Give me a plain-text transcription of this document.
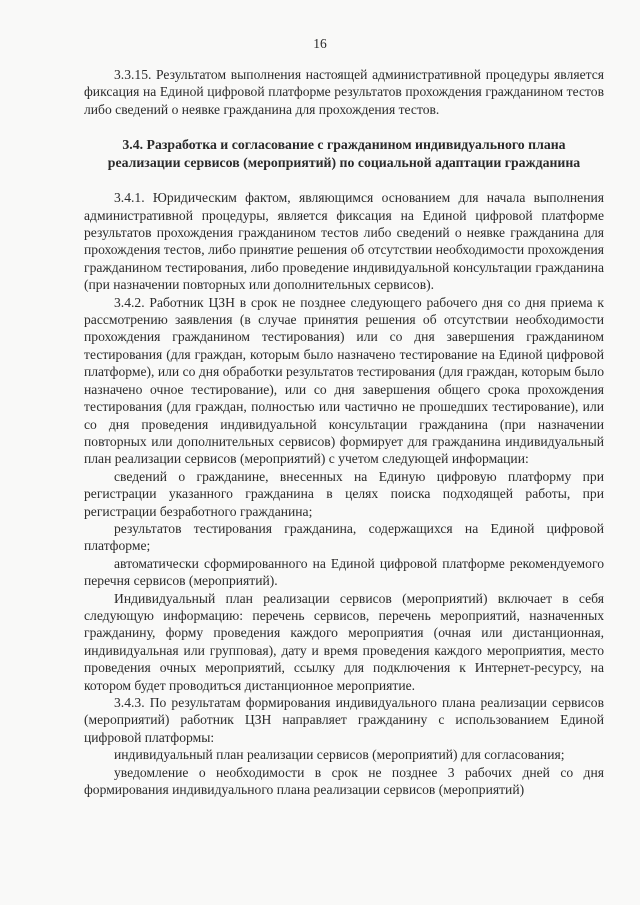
16

3.3.15. Результатом выполнения настоящей административной процедуры является фиксация на Единой цифровой платформе результатов прохождения гражданином тестов либо сведений о неявке гражданина для прохождения тестов.

3.4. Разработка и согласование с гражданином индивидуального плана
реализации сервисов (мероприятий) по социальной адаптации гражданина

3.4.1. Юридическим фактом, являющимся основанием для начала выполнения административной процедуры, является фиксация на Единой цифровой платформе результатов прохождения гражданином тестов либо сведений о неявке гражданина для прохождения тестов, либо принятие решения об отсутствии необходимости прохождения гражданином тестирования, либо проведение индивидуальной консультации гражданина (при назначении повторных или дополнительных сервисов).

3.4.2. Работник ЦЗН в срок не позднее следующего рабочего дня со дня приема к рассмотрению заявления (в случае принятия решения об отсутствии необходимости прохождения гражданином тестирования) или со дня завершения гражданином тестирования (для граждан, которым было назначено тестирование на Единой цифровой платформе), или со дня обработки результатов тестирования (для граждан, которым было назначено очное тестирование), или со дня завершения общего срока прохождения тестирования (для граждан, полностью или частично не прошедших тестирование), или со дня проведения индивидуальной консультации гражданина (при назначении повторных или дополнительных сервисов) формирует для гражданина индивидуальный план реализации сервисов (мероприятий) с учетом следующей информации:

сведений о гражданине, внесенных на Единую цифровую платформу при регистрации указанного гражданина в целях поиска подходящей работы, при регистрации безработного гражданина;

результатов тестирования гражданина, содержащихся на Единой цифровой платформе;

автоматически сформированного на Единой цифровой платформе рекомендуемого перечня сервисов (мероприятий).

Индивидуальный план реализации сервисов (мероприятий) включает в себя следующую информацию: перечень сервисов, перечень мероприятий, назначенных гражданину, форму проведения каждого мероприятия (очная или дистанционная, индивидуальная или групповая), дату и время проведения каждого мероприятия, место проведения очных мероприятий, ссылку для подключения к Интернет-ресурсу, на котором будет проводиться дистанционное мероприятие.

3.4.3. По результатам формирования индивидуального плана реализации сервисов (мероприятий) работник ЦЗН направляет гражданину с использованием Единой цифровой платформы:

индивидуальный план реализации сервисов (мероприятий) для согласования;

уведомление о необходимости в срок не позднее 3 рабочих дней со дня формирования индивидуального плана реализации сервисов (мероприятий)
